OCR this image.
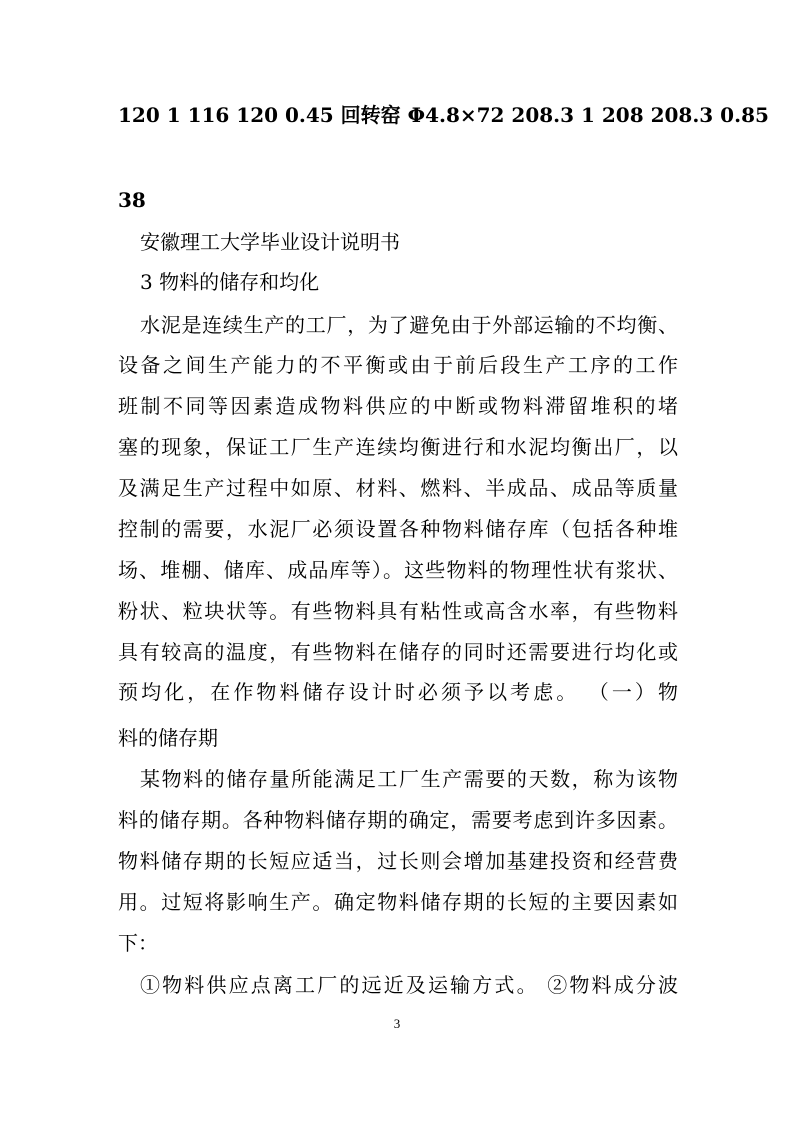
120 1 116 120 0.45 回转窑 Φ4.8×72 208.3 1 208 208.3 0.85
38
安徽理工大学毕业设计说明书
3 物料的储存和均化
水泥是连续生产的工厂，为了避免由于外部运输的不均衡、
设备之间生产能力的不平衡或由于前后段生产工序的工作
班制不同等因素造成物料供应的中断或物料滞留堆积的堵
塞的现象，保证工厂生产连续均衡进行和水泥均衡出厂，以
及满足生产过程中如原、材料、燃料、半成品、成品等质量
控制的需要，水泥厂必须设置各种物料储存库（包括各种堆
场、堆棚、储库、成品库等）。这些物料的物理性状有浆状、
粉状、粒块状等。有些物料具有粘性或高含水率，有些物料
具有较高的温度，有些物料在储存的同时还需要进行均化或
预均化，在作物料储存设计时必须予以考虑。 （一）物
料的储存期
某物料的储存量所能满足工厂生产需要的天数，称为该物
料的储存期。各种物料储存期的确定，需要考虑到许多因素。
物料储存期的长短应适当，过长则会增加基建投资和经营费
用。过短将影响生产。确定物料储存期的长短的主要因素如
下：
①物料供应点离工厂的远近及运输方式。 ②物料成分波
3
